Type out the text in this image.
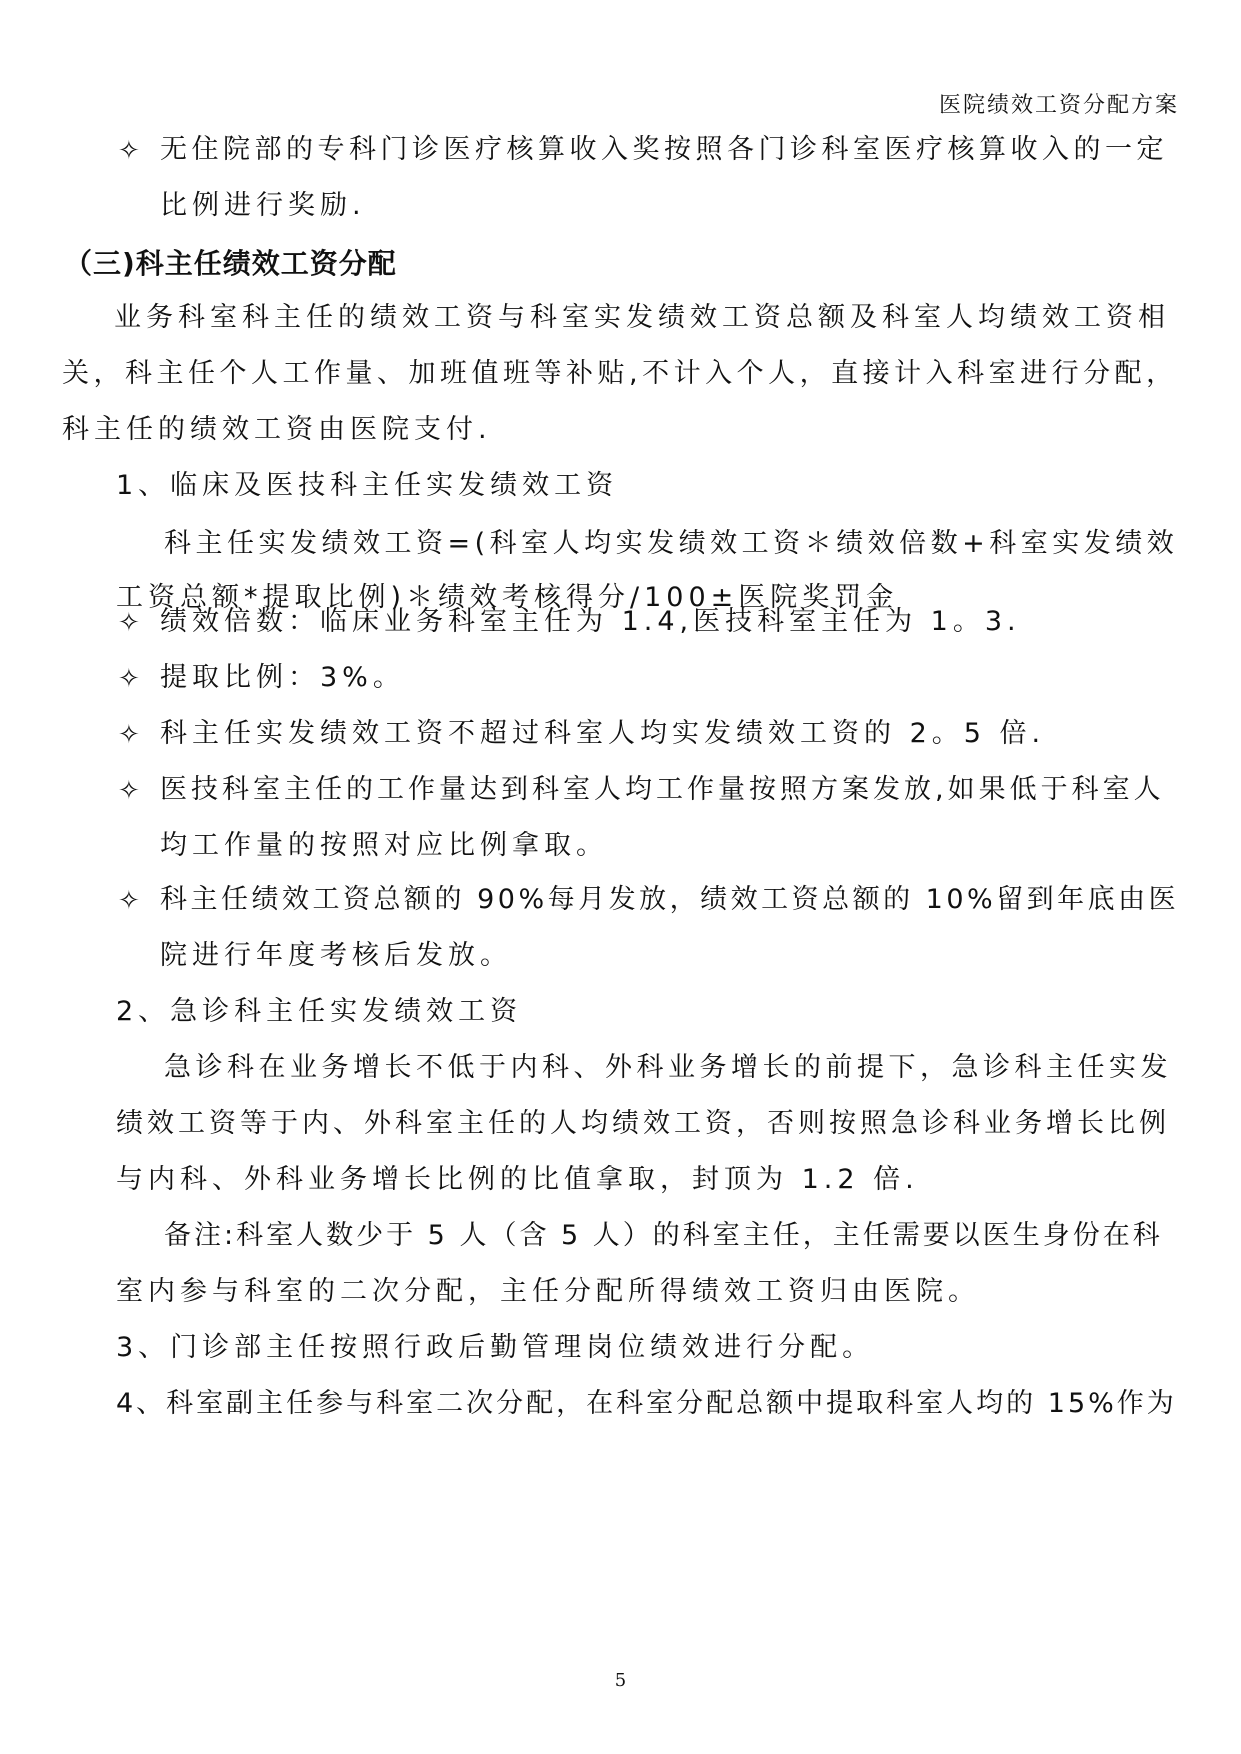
医院绩效工资分配方案
✧
✧
✧
✧
✧
✧
无住院部的专科门诊医疗核算收入奖按照各门诊科室医疗核算收入的一定
比例进行奖励.
（三)科主任绩效工资分配
业务科室科主任的绩效工资与科室实发绩效工资总额及科室人均绩效工资相
关，科主任个人工作量、加班值班等补贴,不计入个人，直接计入科室进行分配，
科主任的绩效工资由医院支付.
1、临床及医技科主任实发绩效工资
科主任实发绩效工资=(科室人均实发绩效工资＊绩效倍数+科室实发绩效
工资总额*提取比例)＊绩效考核得分/100±医院奖罚金
绩效倍数：临床业务科室主任为 1.4,医技科室主任为 1。3.
提取比例：3%。
科主任实发绩效工资不超过科室人均实发绩效工资的 2。5 倍.
医技科室主任的工作量达到科室人均工作量按照方案发放,如果低于科室人
均工作量的按照对应比例拿取。
科主任绩效工资总额的 90%每月发放，绩效工资总额的 10%留到年底由医
院进行年度考核后发放。
2、急诊科主任实发绩效工资
急诊科在业务增长不低于内科、外科业务增长的前提下，急诊科主任实发
绩效工资等于内、外科室主任的人均绩效工资，否则按照急诊科业务增长比例
与内科、外科业务增长比例的比值拿取，封顶为 1.2 倍.
备注:科室人数少于 5 人（含 5 人）的科室主任，主任需要以医生身份在科
室内参与科室的二次分配，主任分配所得绩效工资归由医院。
3、门诊部主任按照行政后勤管理岗位绩效进行分配。
4、科室副主任参与科室二次分配，在科室分配总额中提取科室人均的 15%作为
5
